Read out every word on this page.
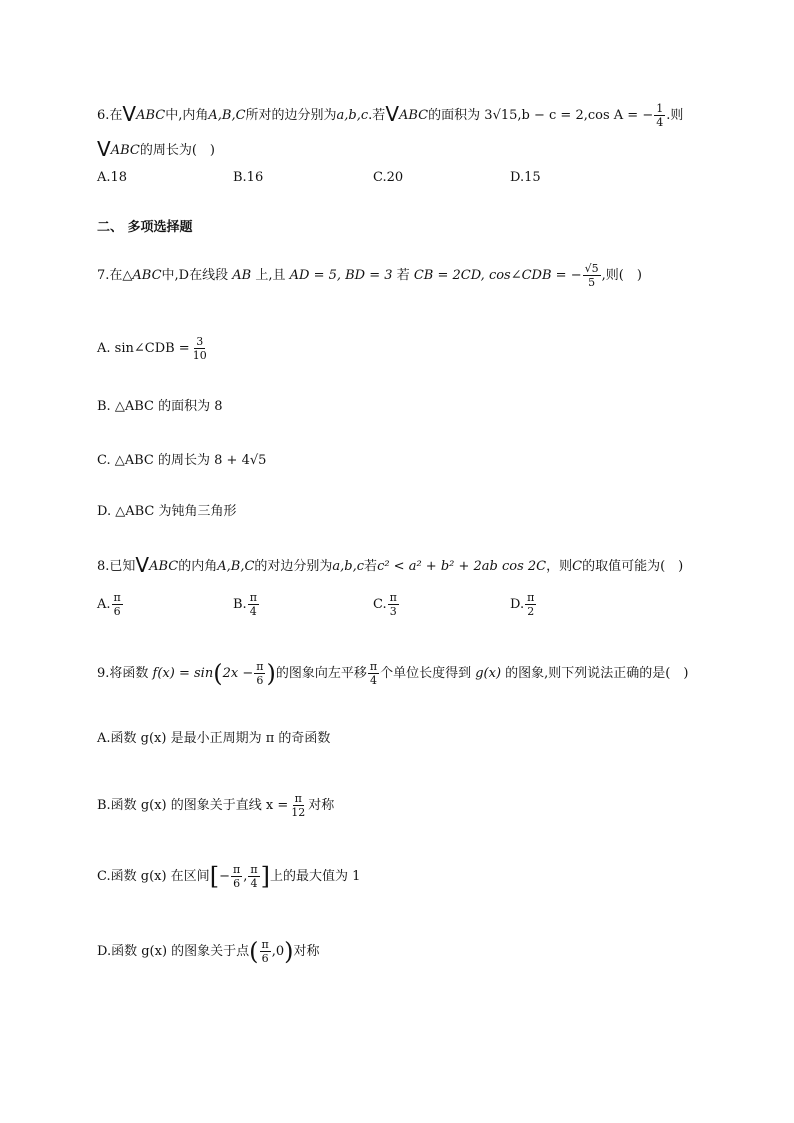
6.在VABC中,内角A,B,C所对的边分别为a,b,c.若VABC的面积为 3√15,b − c = 2,cos A = − $\frac{1}{4}$ .则
VABC的周长为(　)
A.18	B.16	C.20	D.15
二、 多项选择题
7.在△ABC中,D在线段 AB 上,且 AD = 5, BD = 3 若 CB = 2CD, cos∠CDB = − $\frac{√5}{5}$ ,则(　)
A. sin∠CDB = $\frac{3}{10}$
B. △ABC 的面积为 8
C. △ABC 的周长为 8 + 4√5
D. △ABC 为钝角三角形
8.已知VABC的内角A,B,C的对边分别为a,b,c若c² < a² + b² + 2ab cos 2C，则C的取值可能为(　)
A. $\frac{\pi}{6}$	B. $\frac{\pi}{4}$	C. $\frac{\pi}{3}$	D. $\frac{\pi}{2}$
9.将函数 $f(x) = \sin(2x - \frac{\pi}{6}$ )的图象向左平移 $\frac{\pi}{4}$ 个单位长度得到 g(x) 的图象,则下列说法正确的是(　)
A.函数 g(x) 是最小正周期为 π 的奇函数
B.函数 g(x) 的图象关于直线 $x = \frac{\pi}{12}$ 对称
C.函数 g(x) 在区间[− $\frac{\pi}{6}$ , $\frac{\pi}{4}$ ]上的最大值为 1
D.函数 g(x) 的图象关于点( $\frac{\pi}{6} ,0$)对称
